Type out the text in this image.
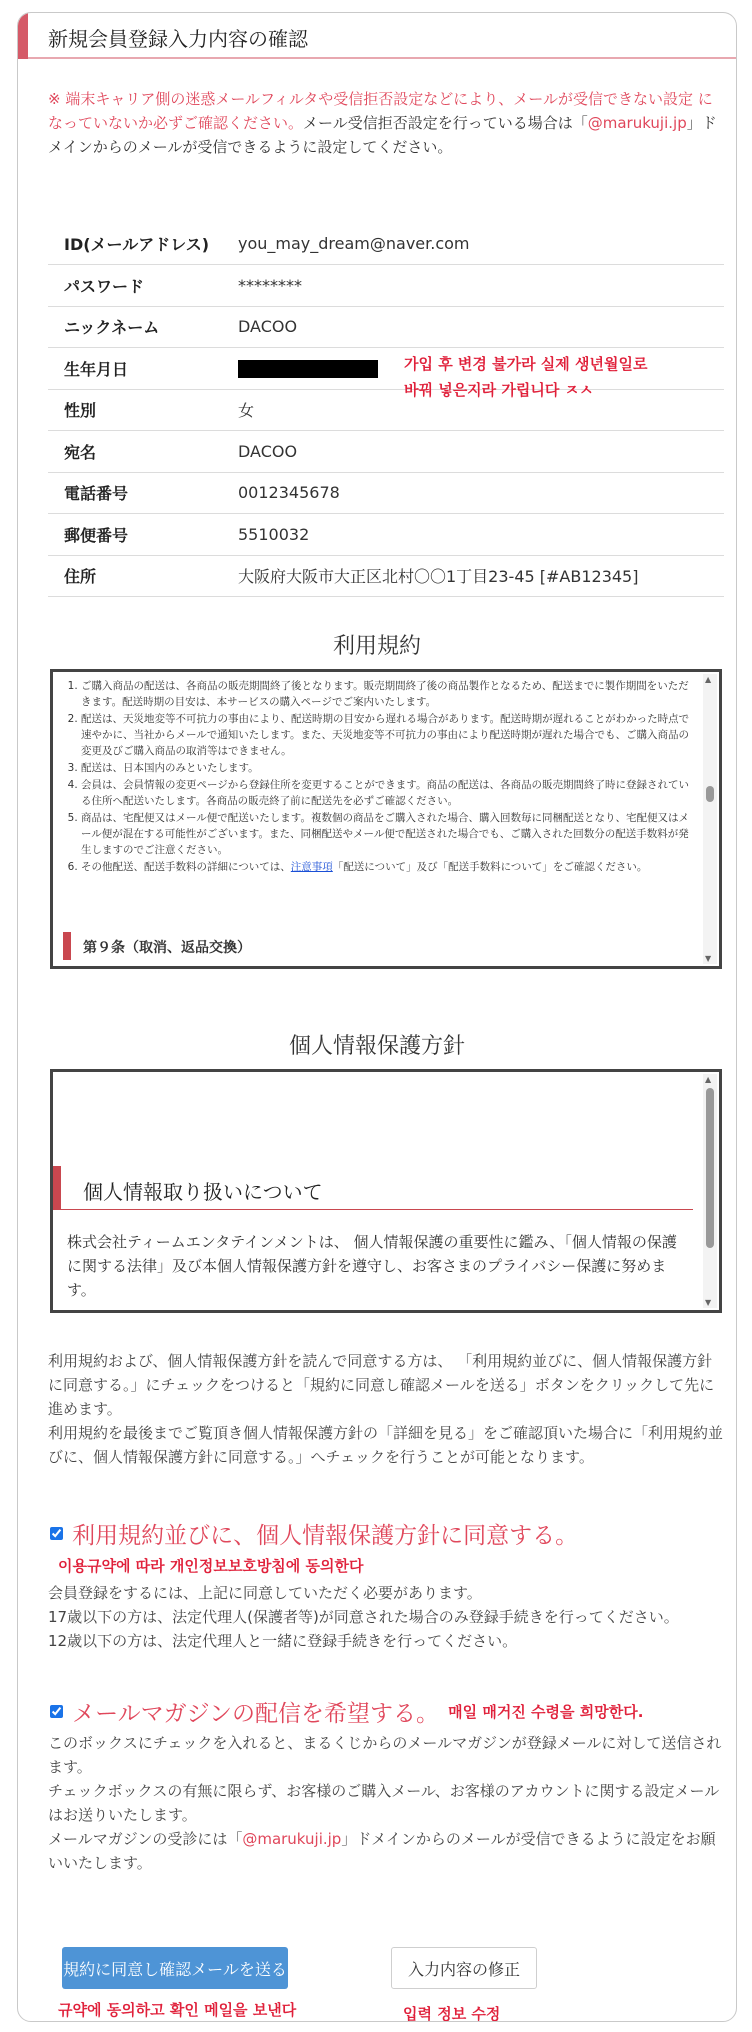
新規会員登録入力内容の確認
※ 端末キャリア側の迷惑メールフィルタや受信拒否設定などにより、メールが受信できない設定 になっていないか必ずご確認ください。メール受信拒否設定を行っている場合は「@marukuji.jp」ドメインからのメールが受信できるように設定してください。
ID(メールアドレス)	you_may_dream@naver.com
パスワード	********
ニックネーム	DACOO
生年月日	
性別	女
宛名	DACOO
電話番号	0012345678
郵便番号	5510032
住所	大阪府大阪市大正区北村〇〇1丁目23-45 [#AB12345]
가입 후 변경 불가라 실제 생년월일로
바꿔 넣은지라 가립니다 ㅈㅅ
利用規約
1. ご購入商品の配送は、各商品の販売期間終了後となります。販売期間終了後の商品製作となるため、配送までに製作期間をいただきます。配送時期の目安は、本サービスの購入ページでご案内いたします。
2. 配送は、天災地変等不可抗力の事由により、配送時期の目安から遅れる場合があります。配送時期が遅れることがわかった時点で速やかに、当社からメールで通知いたします。また、天災地変等不可抗力の事由により配送時期が遅れた場合でも、ご購入商品の変更及びご購入商品の取消等はできません。
3. 配送は、日本国内のみといたします。
4. 会員は、会員情報の変更ページから登録住所を変更することができます。商品の配送は、各商品の販売期間終了時に登録されている住所へ配送いたします。各商品の販売終了前に配送先を必ずご確認ください。
5. 商品は、宅配便又はメール便で配送いたします。複数個の商品をご購入された場合、購入回数毎に同梱配送となり、宅配便又はメール便が混在する可能性がございます。また、同梱配送やメール便で配送された場合でも、ご購入された回数分の配送手数料が発生しますのでご注意ください。
6. その他配送、配送手数料の詳細については、注意事項「配送について」及び「配送手数料について」をご確認ください。
第９条（取消、返品交換）
▲
▼
個人情報保護方針
個人情報取り扱いについて
株式会社ティームエンタテインメントは、 個人情報保護の重要性に鑑み、「個人情報の保護に関する法律」及び本個人情報保護方針を遵守し、お客さまのプライバシー保護に努めます。
▲
▼
利用規約および、個人情報保護方針を読んで同意する方は、 「利用規約並びに、個人情報保護方針に同意する。」にチェックをつけると「規約に同意し確認メールを送る」ボタンをクリックして先に進めます。
利用規約を最後までご覧頂き個人情報保護方針の「詳細を見る」をご確認頂いた場合に「利用規約並びに、個人情報保護方針に同意する。」へチェックを行うことが可能となります。
利用規約並びに、個人情報保護方針に同意する。
이용규약에 따라 개인정보보호방침에 동의한다
会員登録をするには、上記に同意していただく必要があります。
17歳以下の方は、法定代理人(保護者等)が同意された場合のみ登録手続きを行ってください。
12歳以下の方は、法定代理人と一緒に登録手続きを行ってください。
メールマガジンの配信を希望する。 매일 매거진 수령을 희망한다.
このボックスにチェックを入れると、まるくじからのメールマガジンが登録メールに対して送信されます。
チェックボックスの有無に限らず、お客様のご購入メール、お客様のアカウントに関する設定メールはお送りいたします。
メールマガジンの受診には「@marukuji.jp」ドメインからのメールが受信できるように設定をお願いいたします。
規約に同意し確認メールを送る	入力内容の修正
규약에 동의하고 확인 메일을 보낸다	입력 정보 수정
